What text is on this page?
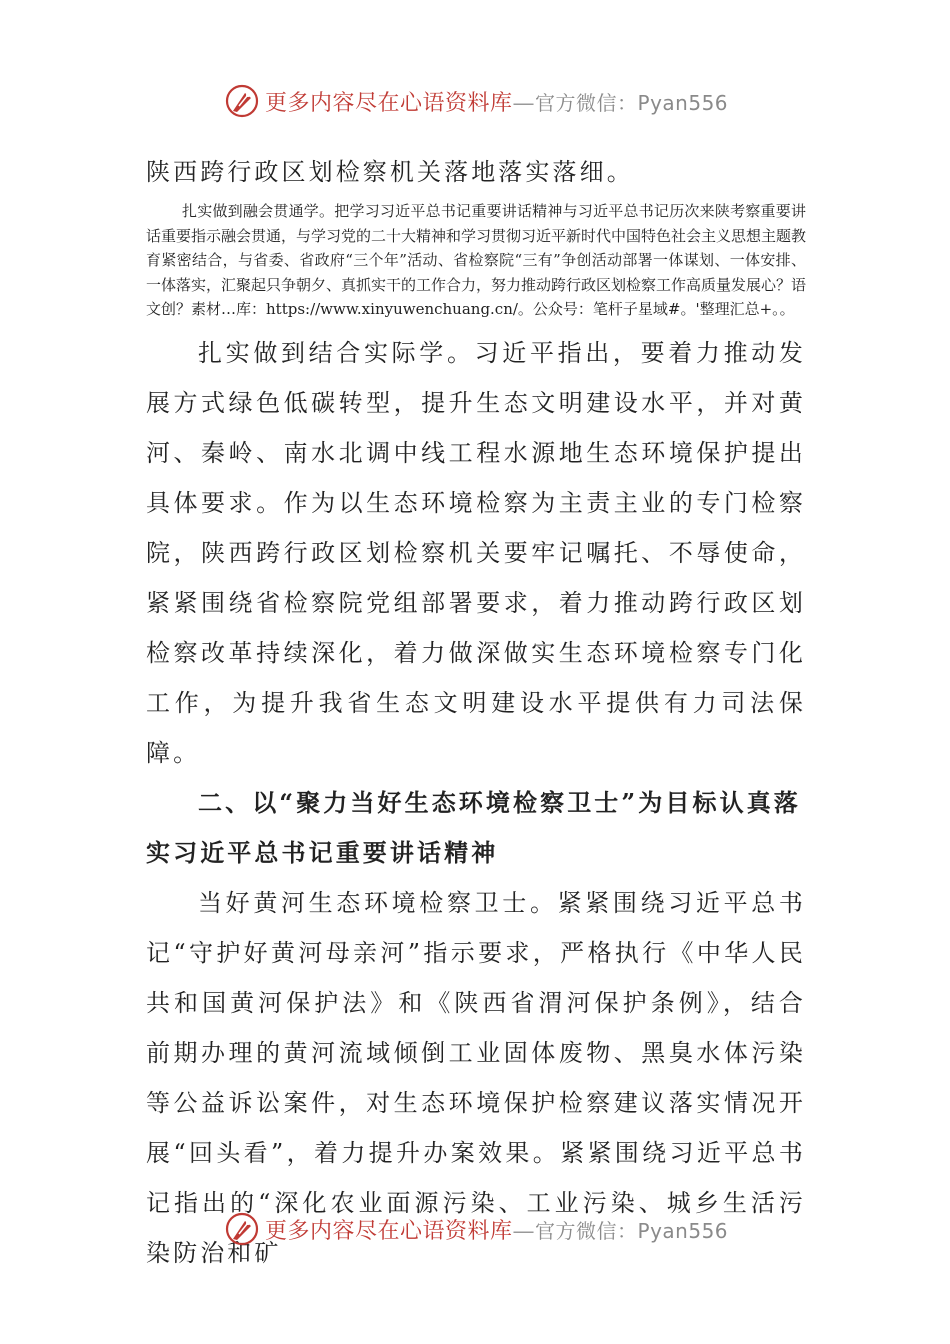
更多内容尽在心语资料库—官方微信：Pyan556

陕西跨行政区划检察机关落地落实落细。

扎实做到融会贯通学。把学习习近平总书记重要讲话精神与习近平总书记历次来陕考察重要讲话重要指示融会贯通，与学习党的二十大精神和学习贯彻习近平新时代中国特色社会主义思想主题教育紧密结合，与省委、省政府“三个年”活动、省检察院“三有”争创活动部署一体谋划、一体安排、一体落实，汇聚起只争朝夕、真抓实干的工作合力，努力推动跨行政区划检察工作高质量发展心？语文创？素材…库：https://www.xinyuwenchuang.cn/。公众号：笔杆子星域#。'整理汇总+。。

扎实做到结合实际学。习近平指出，要着力推动发展方式绿色低碳转型，提升生态文明建设水平，并对黄河、秦岭、南水北调中线工程水源地生态环境保护提出具体要求。作为以生态环境检察为主责主业的专门检察院，陕西跨行政区划检察机关要牢记嘱托、不辱使命，紧紧围绕省检察院党组部署要求，着力推动跨行政区划检察改革持续深化，着力做深做实生态环境检察专门化工作，为提升我省生态文明建设水平提供有力司法保障。

二、以“聚力当好生态环境检察卫士”为目标认真落实习近平总书记重要讲话精神

当好黄河生态环境检察卫士。紧紧围绕习近平总书记“守护好黄河母亲河”指示要求，严格执行《中华人民共和国黄河保护法》和《陕西省渭河保护条例》，结合前期办理的黄河流域倾倒工业固体废物、黑臭水体污染等公益诉讼案件，对生态环境保护检察建议落实情况开展“回头看”，着力提升办案效果。紧紧围绕习近平总书记指出的“深化农业面源污染、工业污染、城乡生活污染防治和矿

更多内容尽在心语资料库—官方微信：Pyan556
